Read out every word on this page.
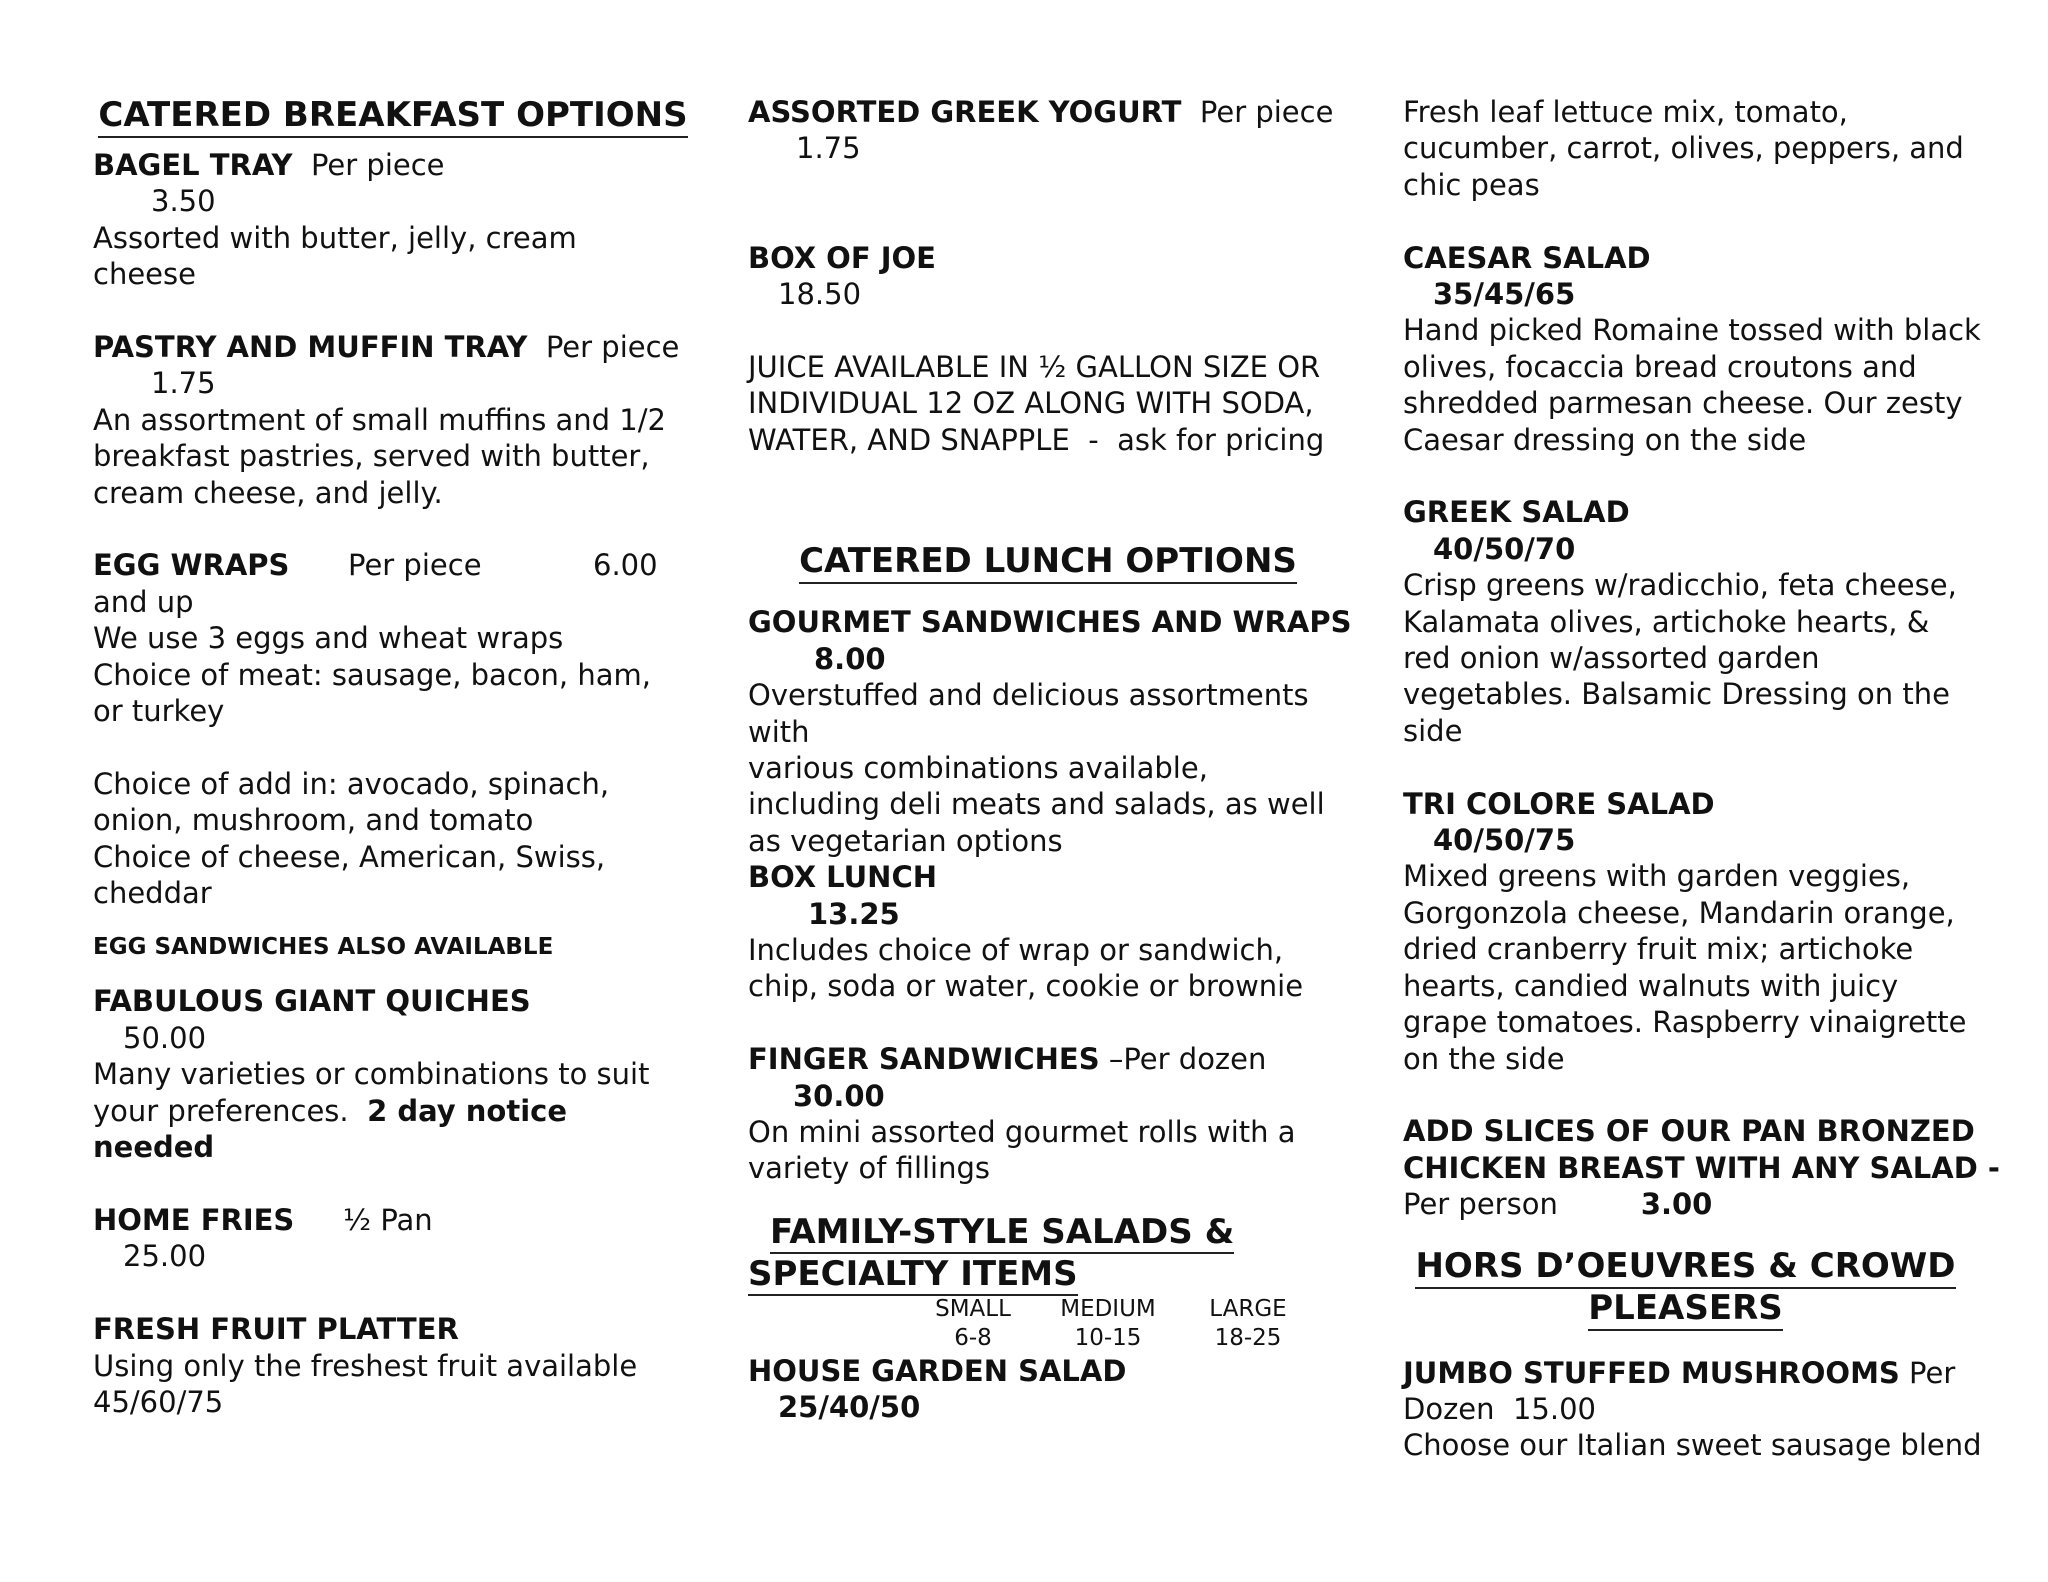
CATERED BREAKFAST OPTIONS
BAGEL TRAY Per piece
3.50
Assorted with butter, jelly, cream
cheese
PASTRY AND MUFFIN TRAY Per piece
1.75
An assortment of small muffins and 1/2
breakfast pastries, served with butter,
cream cheese, and jelly.
EGG WRAPS	Per piece	6.00
and up
We use 3 eggs and wheat wraps
Choice of meat: sausage, bacon, ham,
or turkey
Choice of add in: avocado, spinach,
onion, mushroom, and tomato
Choice of cheese, American, Swiss,
cheddar
EGG SANDWICHES ALSO AVAILABLE
FABULOUS GIANT QUICHES
50.00
Many varieties or combinations to suit
your preferences. 2 day notice
needed
HOME FRIES	½ Pan
25.00
FRESH FRUIT PLATTER
Using only the freshest fruit available
45/60/75
ASSORTED GREEK YOGURT Per piece
1.75
BOX OF JOE
18.50
JUICE AVAILABLE IN ½ GALLON SIZE OR
INDIVIDUAL 12 OZ ALONG WITH SODA,
WATER, AND SNAPPLE  -  ask for pricing
CATERED LUNCH OPTIONS
GOURMET SANDWICHES AND WRAPS
8.00
Overstuffed and delicious assortments
with
various combinations available,
including deli meats and salads, as well
as vegetarian options
BOX LUNCH
13.25
Includes choice of wrap or sandwich,
chip, soda or water, cookie or brownie
FINGER SANDWICHES –Per dozen
30.00
On mini assorted gourmet rolls with a
variety of fillings
FAMILY-STYLE SALADS &
SPECIALTY ITEMS
SMALL	MEDIUM	LARGE
6-8	10-15	18-25
HOUSE GARDEN SALAD
25/40/50
Fresh leaf lettuce mix, tomato,
cucumber, carrot, olives, peppers, and
chic peas
CAESAR SALAD
35/45/65
Hand picked Romaine tossed with black
olives, focaccia bread croutons and
shredded parmesan cheese. Our zesty
Caesar dressing on the side
GREEK SALAD
40/50/70
Crisp greens w/radicchio, feta cheese,
Kalamata olives, artichoke hearts, &
red onion w/assorted garden
vegetables. Balsamic Dressing on the
side
TRI COLORE SALAD
40/50/75
Mixed greens with garden veggies,
Gorgonzola cheese, Mandarin orange,
dried cranberry fruit mix; artichoke
hearts, candied walnuts with juicy
grape tomatoes. Raspberry vinaigrette
on the side
ADD SLICES OF OUR PAN BRONZED
CHICKEN BREAST WITH ANY SALAD -
Per person	3.00
HORS D’OEUVRES & CROWD
PLEASERS
JUMBO STUFFED MUSHROOMS Per
Dozen  15.00
Choose our Italian sweet sausage blend
